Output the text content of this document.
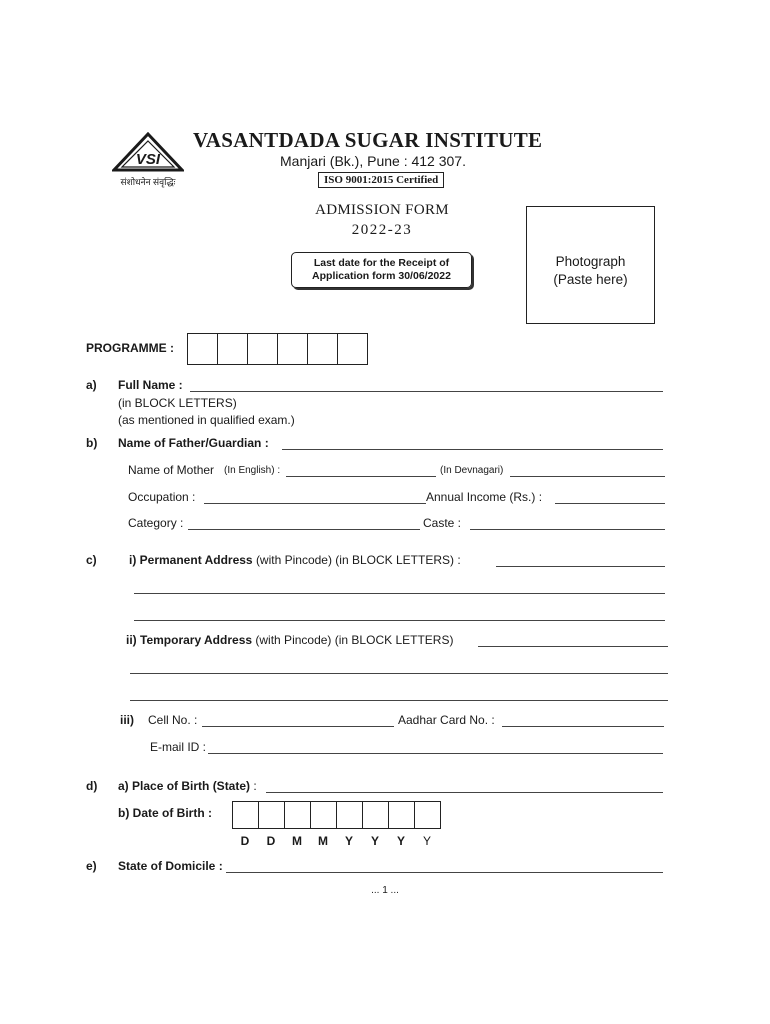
VSI
संशोधनेन संवृद्धिः
VASANTDADA SUGAR INSTITUTE
Manjari (Bk.), Pune : 412 307.
ISO 9001:2015 Certified
ADMISSION FORM
2022-23
Last date for the Receipt of
Application form 30/06/2022
Photograph
(Paste here)
PROGRAMME :
a) Full Name :
(in BLOCK LETTERS)
(as mentioned in qualified exam.)
b) Name of Father/Guardian :
Name of Mother (In English) :	(In Devnagari)
Occupation :	Annual Income (Rs.) :
Category :	Caste :
c)	i) Permanent Address (with Pincode) (in BLOCK LETTERS) :
ii) Temporary Address (with Pincode) (in BLOCK LETTERS)
iii) Cell No. :	Aadhar Card No. :
E-mail ID :
d) a) Place of Birth (State) :
b) Date of Birth :
D	D	M	M	Y	Y	Y	Y
e) State of Domicile :
... 1 ...
